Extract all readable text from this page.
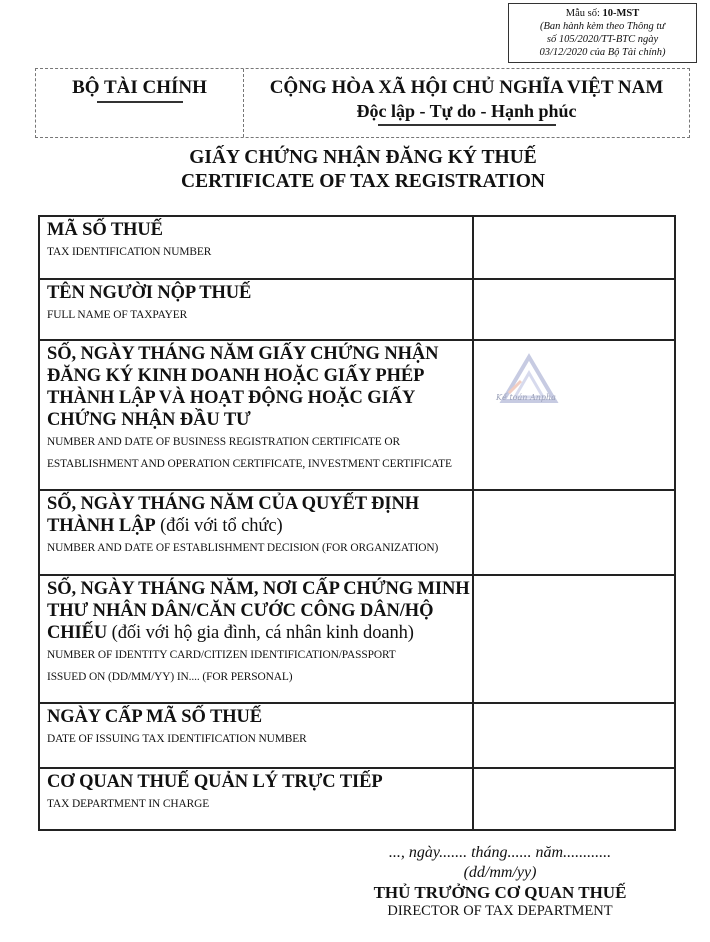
Mẫu số: 10-MST
(Ban hành kèm theo Thông tư
số 105/2020/TT-BTC ngày
03/12/2020 của Bộ Tài chính)
BỘ TÀI CHÍNH	CỘNG HÒA XÃ HỘI CHỦ NGHĨA VIỆT NAM
Độc lập - Tự do - Hạnh phúc
GIẤY CHỨNG NHẬN ĐĂNG KÝ THUẾ
CERTIFICATE OF TAX REGISTRATION
MÃ SỐ THUẾ
TAX IDENTIFICATION NUMBER
TÊN NGƯỜI NỘP THUẾ
FULL NAME OF TAXPAYER
SỐ, NGÀY THÁNG NĂM GIẤY CHỨNG NHẬN
ĐĂNG KÝ KINH DOANH HOẶC GIẤY PHÉP
THÀNH LẬP VÀ HOẠT ĐỘNG HOẶC GIẤY
CHỨNG NHẬN ĐẦU TƯ
NUMBER AND DATE OF BUSINESS REGISTRATION CERTIFICATE OR
ESTABLISHMENT AND OPERATION CERTIFICATE, INVESTMENT CERTIFICATE
Kế toán Anpha
SỐ, NGÀY THÁNG NĂM CỦA QUYẾT ĐỊNH
THÀNH LẬP (đối với tổ chức)
NUMBER AND DATE OF ESTABLISHMENT DECISION (FOR ORGANIZATION)
SỐ, NGÀY THÁNG NĂM, NƠI CẤP CHỨNG MINH
THƯ NHÂN DÂN/CĂN CƯỚC CÔNG DÂN/HỘ
CHIẾU (đối với hộ gia đình, cá nhân kinh doanh)
NUMBER OF IDENTITY CARD/CITIZEN IDENTIFICATION/PASSPORT
ISSUED ON (DD/MM/YY) IN.... (FOR PERSONAL)
NGÀY CẤP MÃ SỐ THUẾ
DATE OF ISSUING TAX IDENTIFICATION NUMBER
CƠ QUAN THUẾ QUẢN LÝ TRỰC TIẾP
TAX DEPARTMENT IN CHARGE
..., ngày....... tháng...... năm............
(dd/mm/yy)
THỦ TRƯỞNG CƠ QUAN THUẾ
DIRECTOR OF TAX DEPARTMENT
